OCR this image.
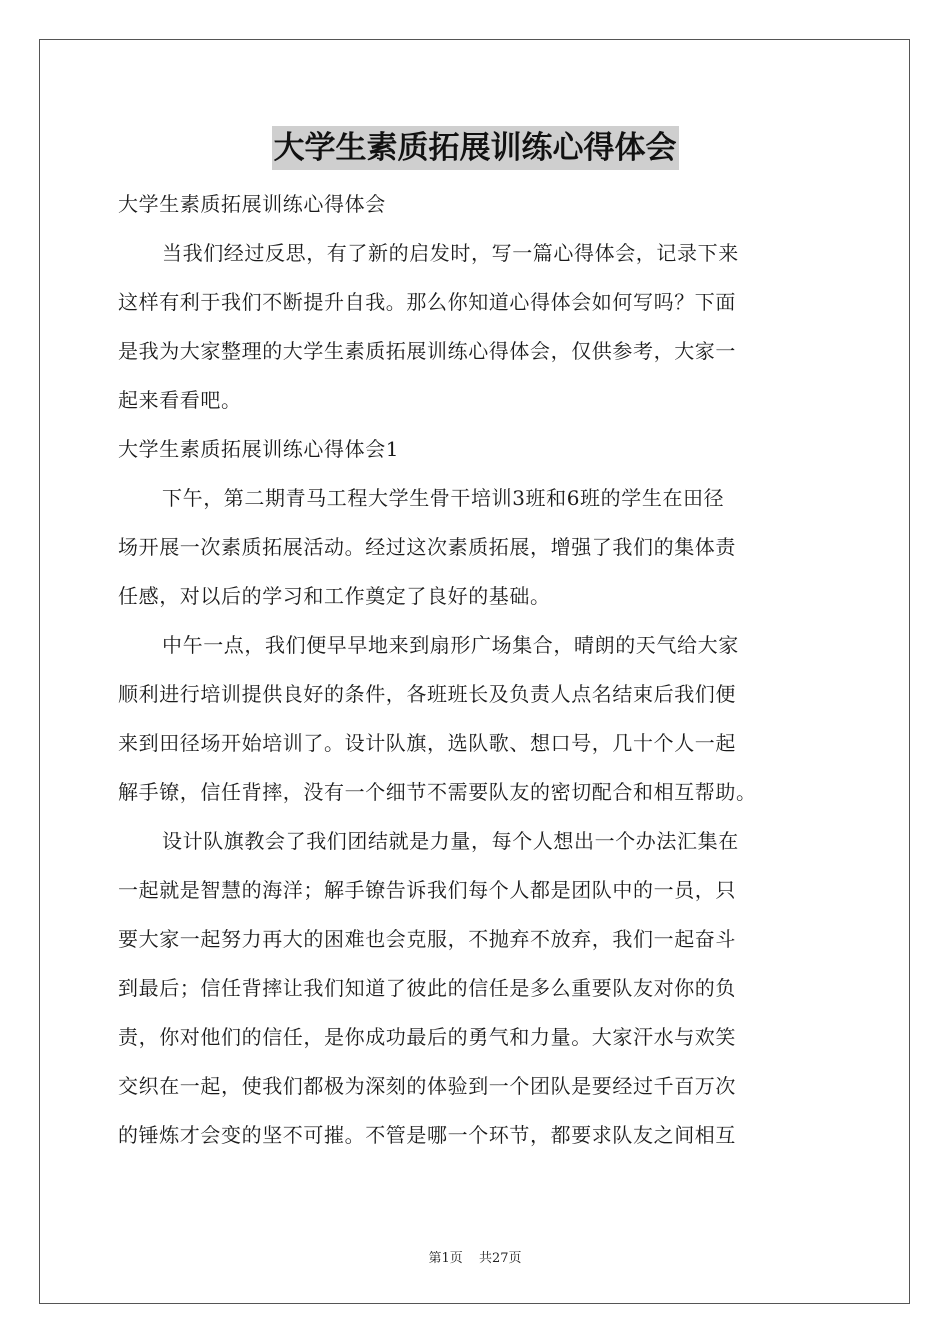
大学生素质拓展训练心得体会

大学生素质拓展训练心得体会

当我们经过反思，有了新的启发时，写一篇心得体会，记录下来
这样有利于我们不断提升自我。那么你知道心得体会如何写吗？下面
是我为大家整理的大学生素质拓展训练心得体会，仅供参考，大家一
起来看看吧。

大学生素质拓展训练心得体会1

下午，第二期青马工程大学生骨干培训3班和6班的学生在田径
场开展一次素质拓展活动。经过这次素质拓展，增强了我们的集体责
任感，对以后的学习和工作奠定了良好的基础。

中午一点，我们便早早地来到扇形广场集合，晴朗的天气给大家
顺利进行培训提供良好的条件，各班班长及负责人点名结束后我们便
来到田径场开始培训了。设计队旗，选队歌、想口号，几十个人一起
解手镣，信任背摔，没有一个细节不需要队友的密切配合和相互帮助。

设计队旗教会了我们团结就是力量，每个人想出一个办法汇集在
一起就是智慧的海洋；解手镣告诉我们每个人都是团队中的一员，只
要大家一起努力再大的困难也会克服，不抛弃不放弃，我们一起奋斗
到最后；信任背摔让我们知道了彼此的信任是多么重要队友对你的负
责，你对他们的信任，是你成功最后的勇气和力量。大家汗水与欢笑
交织在一起，使我们都极为深刻的体验到一个团队是要经过千百万次
的锤炼才会变的坚不可摧。不管是哪一个环节，都要求队友之间相互

第1页 共27页
